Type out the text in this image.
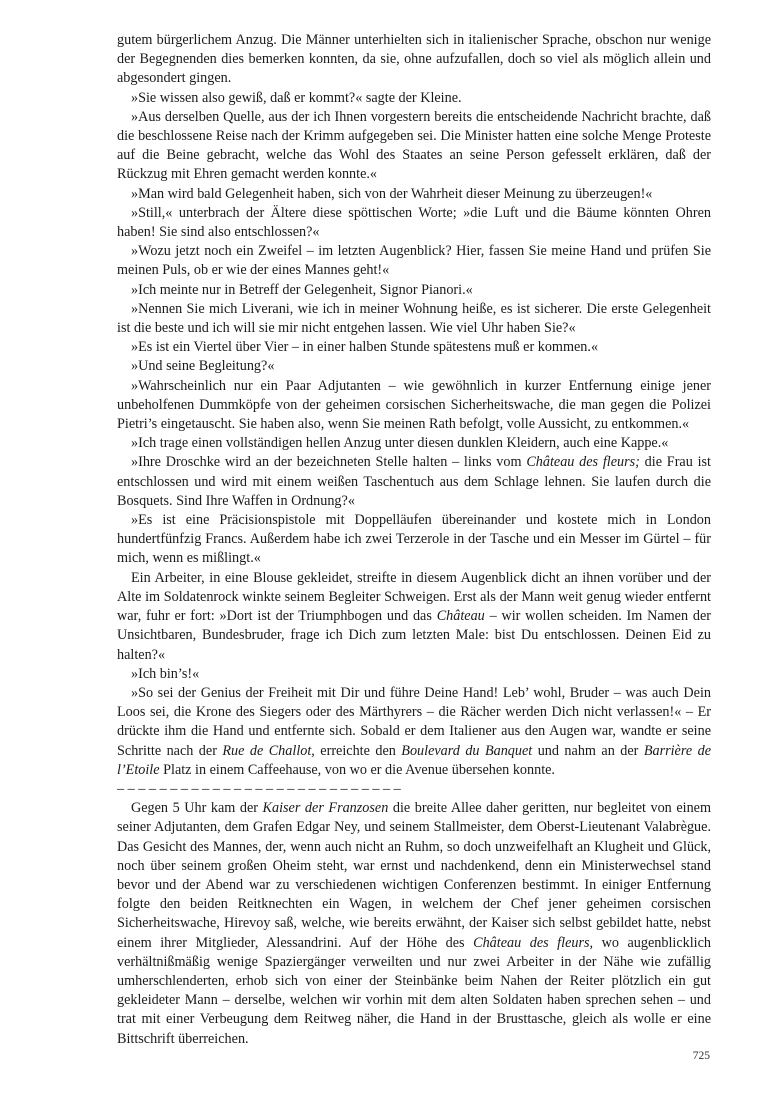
gutem bürgerlichem Anzug. Die Männer unterhielten sich in italienischer Sprache, obschon nur wenige der Begegnenden dies bemerken konnten, da sie, ohne aufzufallen, doch so viel als möglich allein und abgesondert gingen.

»Sie wissen also gewiß, daß er kommt?« sagte der Kleine.

»Aus derselben Quelle, aus der ich Ihnen vorgestern bereits die entscheidende Nachricht brachte, daß die beschlossene Reise nach der Krimm aufgegeben sei. Die Minister hatten eine solche Menge Proteste auf die Beine gebracht, welche das Wohl des Staates an seine Person gefesselt erklären, daß der Rückzug mit Ehren gemacht werden konnte.«

»Man wird bald Gelegenheit haben, sich von der Wahrheit dieser Meinung zu überzeugen!«

»Still,« unterbrach der Ältere diese spöttischen Worte; »die Luft und die Bäume könnten Ohren haben! Sie sind also entschlossen?«

»Wozu jetzt noch ein Zweifel – im letzten Augenblick? Hier, fassen Sie meine Hand und prüfen Sie meinen Puls, ob er wie der eines Mannes geht!«

»Ich meinte nur in Betreff der Gelegenheit, Signor Pianori.«

»Nennen Sie mich Liverani, wie ich in meiner Wohnung heiße, es ist sicherer. Die erste Gelegenheit ist die beste und ich will sie mir nicht entgehen lassen. Wie viel Uhr haben Sie?«

»Es ist ein Viertel über Vier – in einer halben Stunde spätestens muß er kommen.«

»Und seine Begleitung?«

»Wahrscheinlich nur ein Paar Adjutanten – wie gewöhnlich in kurzer Entfernung einige jener unbeholfenen Dummköpfe von der geheimen corsischen Sicherheitswache, die man gegen die Polizei Pietri’s eingetauscht. Sie haben also, wenn Sie meinen Rath befolgt, volle Aussicht, zu entkommen.«

»Ich trage einen vollständigen hellen Anzug unter diesen dunklen Kleidern, auch eine Kappe.«

»Ihre Droschke wird an der bezeichneten Stelle halten – links vom Château des fleurs; die Frau ist entschlossen und wird mit einem weißen Taschentuch aus dem Schlage lehnen. Sie laufen durch die Bosquets. Sind Ihre Waffen in Ordnung?«

»Es ist eine Präcisionspistole mit Doppelläufen übereinander und kostete mich in London hundertfünfzig Francs. Außerdem habe ich zwei Terzerole in der Tasche und ein Messer im Gürtel – für mich, wenn es mißlingt.«

Ein Arbeiter, in eine Blouse gekleidet, streifte in diesem Augenblick dicht an ihnen vorüber und der Alte im Soldatenrock winkte seinem Begleiter Schweigen. Erst als der Mann weit genug wieder entfernt war, fuhr er fort: »Dort ist der Triumphbogen und das Château – wir wollen scheiden. Im Namen der Unsichtbaren, Bundesbruder, frage ich Dich zum letzten Male: bist Du entschlossen. Deinen Eid zu halten?«

»Ich bin’s!«

»So sei der Genius der Freiheit mit Dir und führe Deine Hand! Leb’ wohl, Bruder – was auch Dein Loos sei, die Krone des Siegers oder des Märthyrers – die Rächer werden Dich nicht verlassen!« – Er drückte ihm die Hand und entfernte sich. Sobald er dem Italiener aus den Augen war, wandte er seine Schritte nach der Rue de Challot, erreichte den Boulevard du Banquet und nahm an der Barrière de l’Etoile Platz in einem Caffeehause, von wo er die Avenue übersehen konnte.

– – – – – – – – – – – – – – – – – – – – – – – – – – –

Gegen 5 Uhr kam der Kaiser der Franzosen die breite Allee daher geritten, nur begleitet von einem seiner Adjutanten, dem Grafen Edgar Ney, und seinem Stallmeister, dem Oberst-Lieutenant Valabrègue. Das Gesicht des Mannes, der, wenn auch nicht an Ruhm, so doch unzweifelhaft an Klugheit und Glück, noch über seinem großen Oheim steht, war ernst und nachdenkend, denn ein Ministerwechsel stand bevor und der Abend war zu verschiedenen wichtigen Conferenzen bestimmt. In einiger Entfernung folgte den beiden Reitknechten ein Wagen, in welchem der Chef jener geheimen corsischen Sicherheitswache, Hirevoy saß, welche, wie bereits erwähnt, der Kaiser sich selbst gebildet hatte, nebst einem ihrer Mitglieder, Alessandrini. Auf der Höhe des Château des fleurs, wo augenblicklich verhältnißmäßig wenige Spaziergänger verweilten und nur zwei Arbeiter in der Nähe wie zufällig umherschlenderten, erhob sich von einer der Steinbänke beim Nahen der Reiter plötzlich ein gut gekleideter Mann – derselbe, welchen wir vorhin mit dem alten Soldaten haben sprechen sehen – und trat mit einer Verbeugung dem Reitweg näher, die Hand in der Brusttasche, gleich als wolle er eine Bittschrift überreichen.

725
